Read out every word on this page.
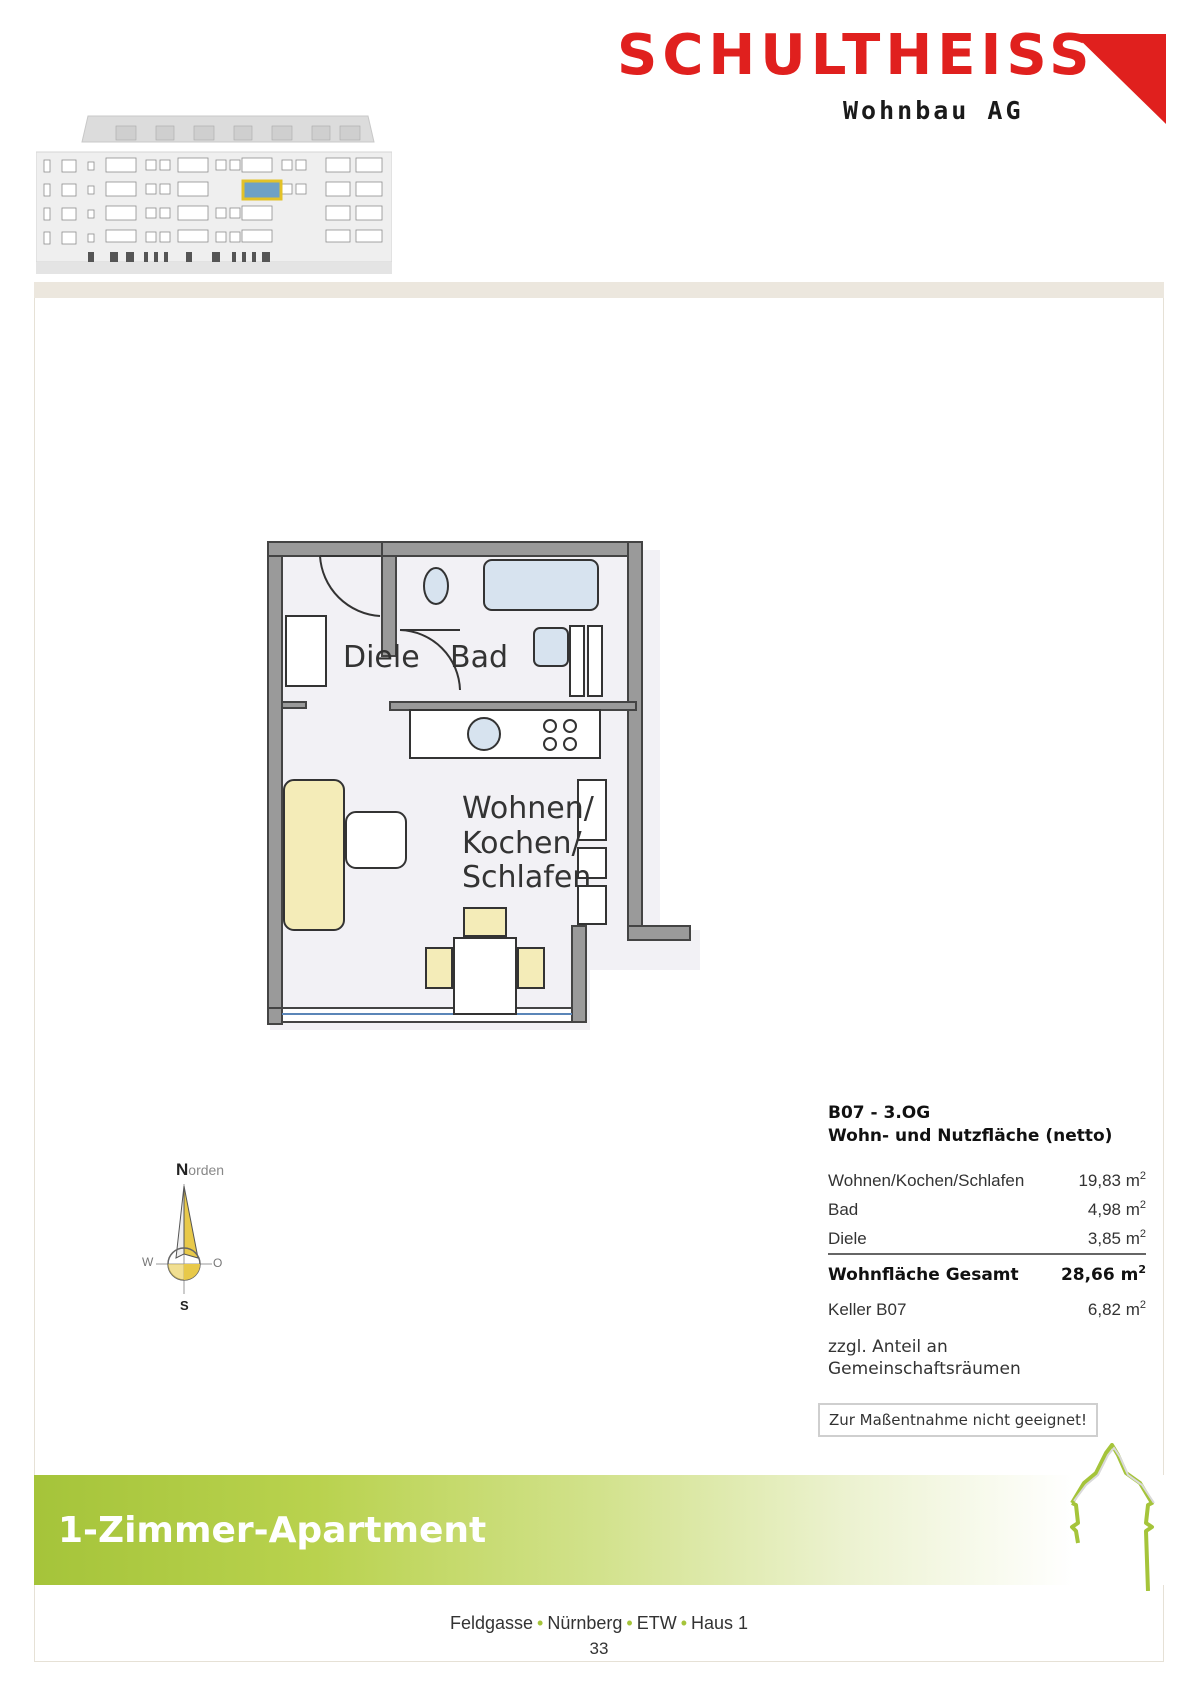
SCHULTHEISS
Wohnbau AG
Diele Bad
Wohnen/
Kochen/
Schlafen
Norden
W	O
S
B07 - 3.OG
Wohn- und Nutzfläche (netto)
Wohnen/Kochen/Schlafen	19,83 $m^2$
Bad	4,98 $m^2$
Diele	3,85 $m^2$
Wohnfläche Gesamt 28,66 $m^2$
Keller B07	6,82 $m^2$
zzgl. Anteil an
Gemeinschaftsräumen
Zur Maßentnahme nicht geeignet!
1-Zimmer-Apartment
Feldgasse • Nürnberg • ETW • Haus 1
33
